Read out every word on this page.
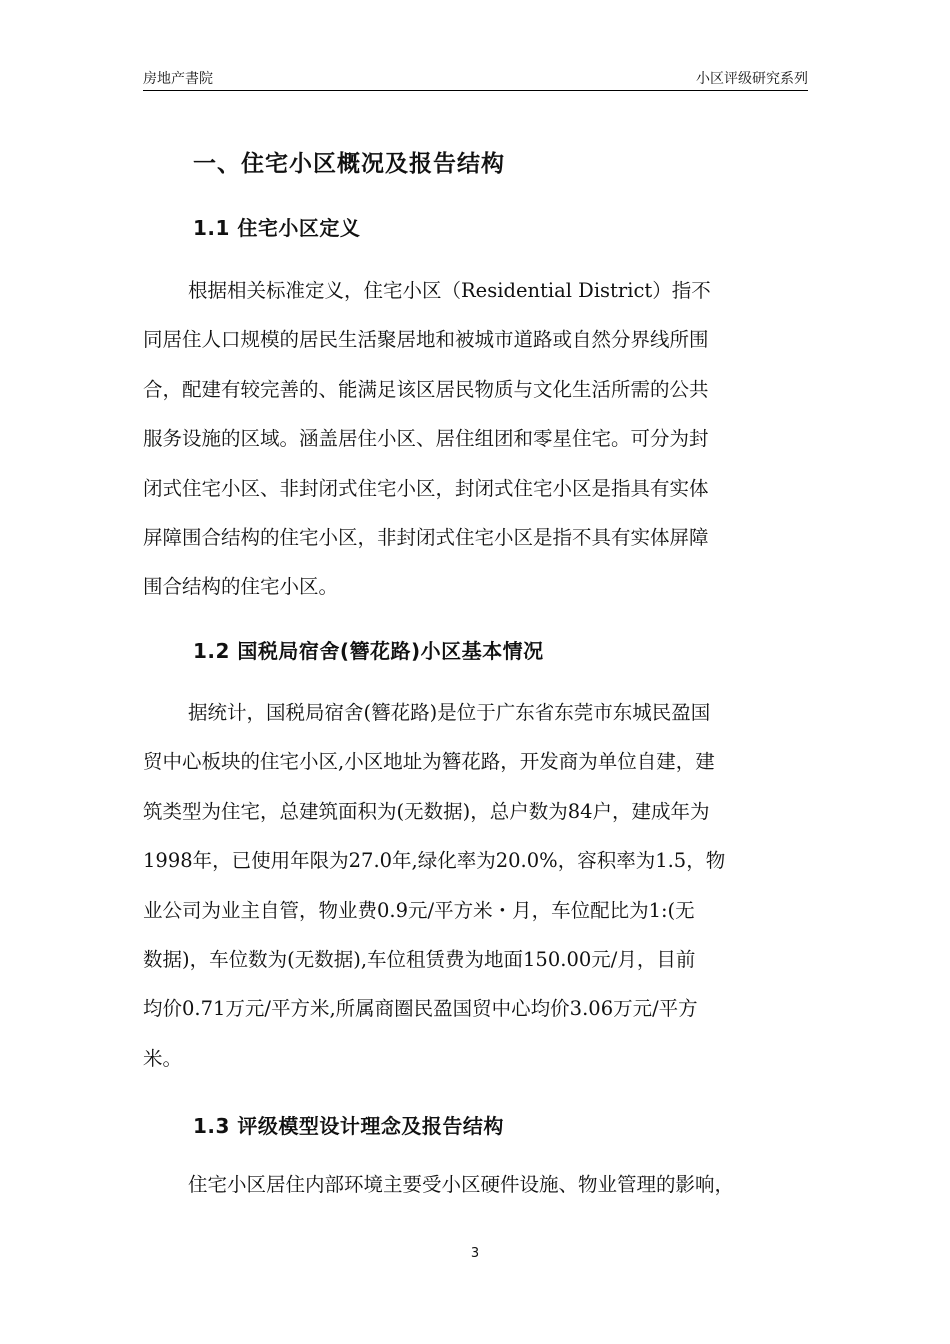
房地产書院	小区评级研究系列
一、住宅小区概况及报告结构
1.1 住宅小区定义
根据相关标准定义，住宅小区（Residential District）指不
同居住人口规模的居民生活聚居地和被城市道路或自然分界线所围
合，配建有较完善的、能满足该区居民物质与文化生活所需的公共
服务设施的区域。涵盖居住小区、居住组团和零星住宅。可分为封
闭式住宅小区、非封闭式住宅小区，封闭式住宅小区是指具有实体
屏障围合结构的住宅小区，非封闭式住宅小区是指不具有实体屏障
围合结构的住宅小区。
1.2 国税局宿舍(簪花路)小区基本情况
据统计，国税局宿舍(簪花路)是位于广东省东莞市东城民盈国
贸中心板块的住宅小区,小区地址为簪花路，开发商为单位自建，建
筑类型为住宅，总建筑面积为(无数据)，总户数为84户，建成年为
1998年，已使用年限为27.0年,绿化率为20.0%，容积率为1.5，物
业公司为业主自管，物业费0.9元/平方米・月，车位配比为1:(无
数据)，车位数为(无数据),车位租赁费为地面150.00元/月，目前
均价0.71万元/平方米,所属商圈民盈国贸中心均价3.06万元/平方
米。
1.3 评级模型设计理念及报告结构
住宅小区居住内部环境主要受小区硬件设施、物业管理的影响，
3
